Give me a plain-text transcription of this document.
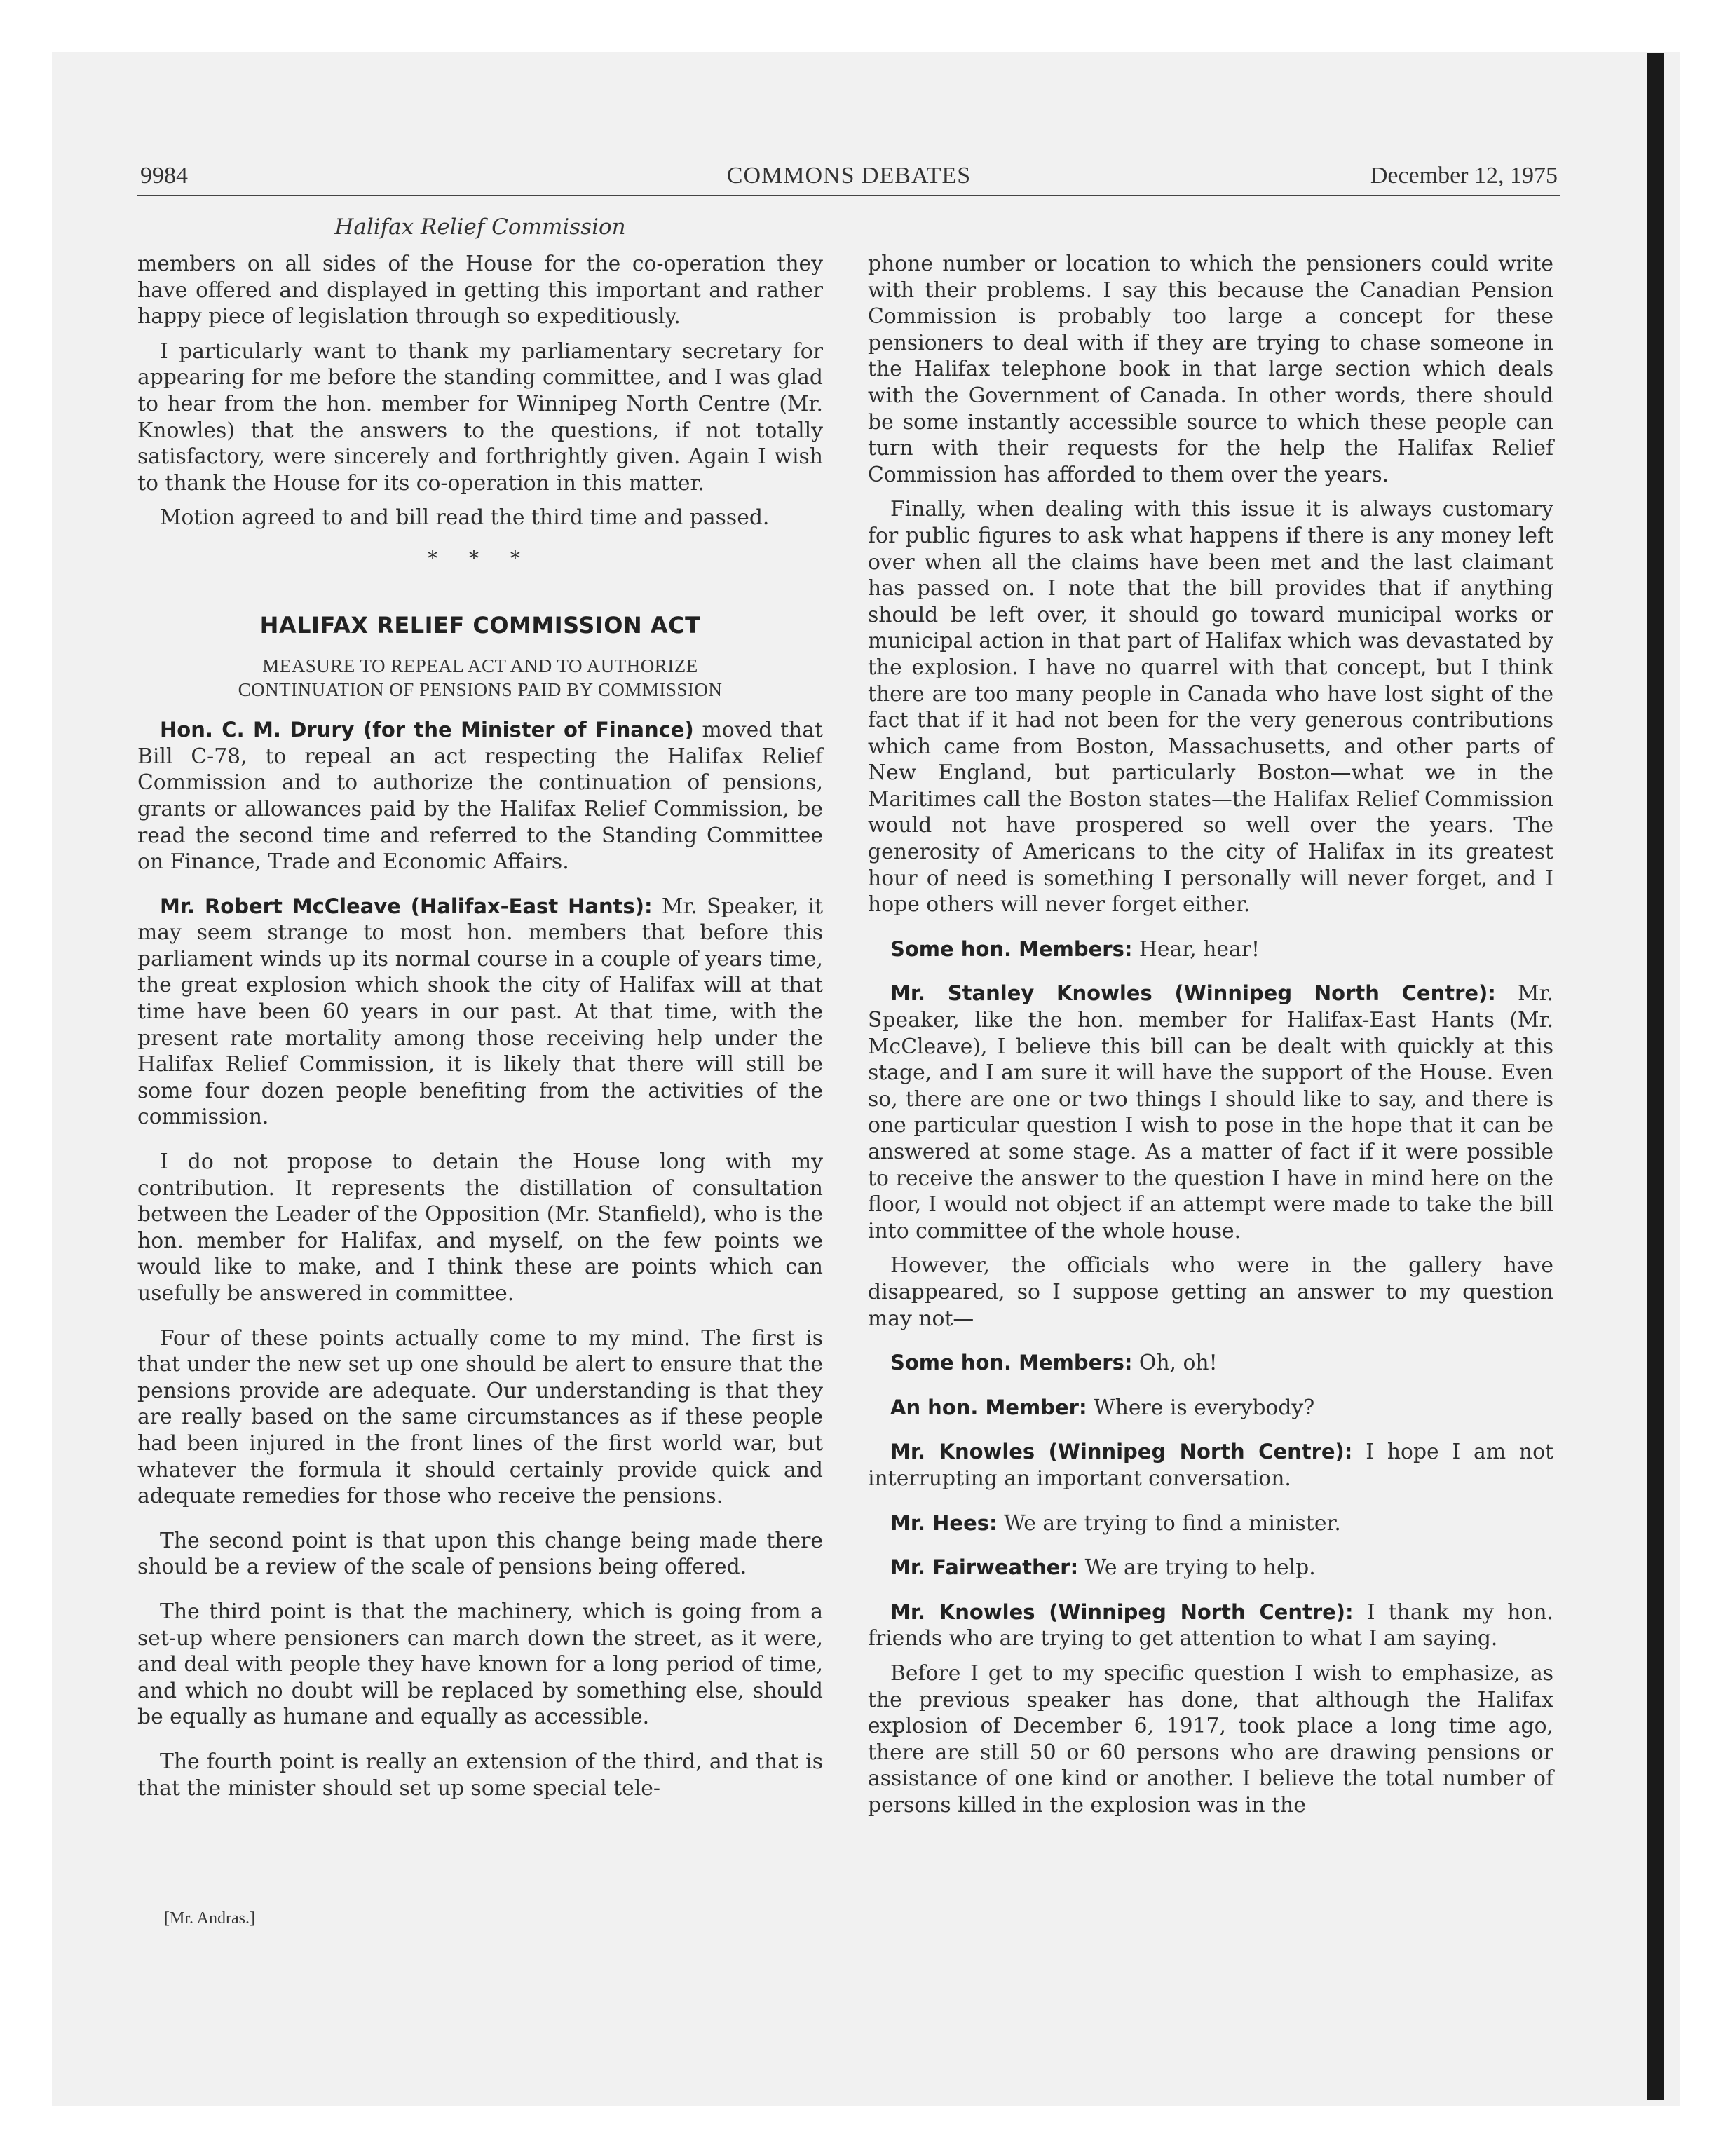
9984	COMMONS DEBATES	December 12, 1975
Halifax Relief Commission

members on all sides of the House for the co-operation they have offered and displayed in getting this important and rather happy piece of legislation through so expeditiously.

I particularly want to thank my parliamentary secretary for appearing for me before the standing committee, and I was glad to hear from the hon. member for Winnipeg North Centre (Mr. Knowles) that the answers to the questions, if not totally satisfactory, were sincerely and forthrightly given. Again I wish to thank the House for its co-operation in this matter.

Motion agreed to and bill read the third time and passed.

* * *
HALIFAX RELIEF COMMISSION ACT
MEASURE TO REPEAL ACT AND TO AUTHORIZE
CONTINUATION OF PENSIONS PAID BY COMMISSION

Hon. C. M. Drury (for the Minister of Finance) moved that Bill C-78, to repeal an act respecting the Halifax Relief Commission and to authorize the continuation of pensions, grants or allowances paid by the Halifax Relief Commission, be read the second time and referred to the Standing Committee on Finance, Trade and Economic Affairs.

Mr. Robert McCleave (Halifax-East Hants): Mr. Speaker, it may seem strange to most hon. members that before this parliament winds up its normal course in a couple of years time, the great explosion which shook the city of Halifax will at that time have been 60 years in our past. At that time, with the present rate mortality among those receiving help under the Halifax Relief Commission, it is likely that there will still be some four dozen people benefiting from the activities of the commission.

I do not propose to detain the House long with my contribution. It represents the distillation of consultation between the Leader of the Opposition (Mr. Stanfield), who is the hon. member for Halifax, and myself, on the few points we would like to make, and I think these are points which can usefully be answered in committee.

Four of these points actually come to my mind. The first is that under the new set up one should be alert to ensure that the pensions provide are adequate. Our understanding is that they are really based on the same circumstances as if these people had been injured in the front lines of the first world war, but whatever the formula it should certainly provide quick and adequate remedies for those who receive the pensions.

The second point is that upon this change being made there should be a review of the scale of pensions being offered.

The third point is that the machinery, which is going from a set-up where pensioners can march down the street, as it were, and deal with people they have known for a long period of time, and which no doubt will be replaced by something else, should be equally as humane and equally as accessible.

The fourth point is really an extension of the third, and that is that the minister should set up some special tele-

[Mr. Andras.]

phone number or location to which the pensioners could write with their problems. I say this because the Canadian Pension Commission is probably too large a concept for these pensioners to deal with if they are trying to chase someone in the Halifax telephone book in that large section which deals with the Government of Canada. In other words, there should be some instantly accessible source to which these people can turn with their requests for the help the Halifax Relief Commission has afforded to them over the years.

Finally, when dealing with this issue it is always customary for public figures to ask what happens if there is any money left over when all the claims have been met and the last claimant has passed on. I note that the bill provides that if anything should be left over, it should go toward municipal works or municipal action in that part of Halifax which was devastated by the explosion. I have no quarrel with that concept, but I think there are too many people in Canada who have lost sight of the fact that if it had not been for the very generous contributions which came from Boston, Massachusetts, and other parts of New England, but particularly Boston—what we in the Maritimes call the Boston states—the Halifax Relief Commission would not have prospered so well over the years. The generosity of Americans to the city of Halifax in its greatest hour of need is something I personally will never forget, and I hope others will never forget either.

Some hon. Members: Hear, hear!

Mr. Stanley Knowles (Winnipeg North Centre): Mr. Speaker, like the hon. member for Halifax-East Hants (Mr. McCleave), I believe this bill can be dealt with quickly at this stage, and I am sure it will have the support of the House. Even so, there are one or two things I should like to say, and there is one particular question I wish to pose in the hope that it can be answered at some stage. As a matter of fact if it were possible to receive the answer to the question I have in mind here on the floor, I would not object if an attempt were made to take the bill into committee of the whole house.

However, the officials who were in the gallery have disappeared, so I suppose getting an answer to my question may not—

Some hon. Members: Oh, oh!

An hon. Member: Where is everybody?

Mr. Knowles (Winnipeg North Centre): I hope I am not interrupting an important conversation.

Mr. Hees: We are trying to find a minister.

Mr. Fairweather: We are trying to help.

Mr. Knowles (Winnipeg North Centre): I thank my hon. friends who are trying to get attention to what I am saying.

Before I get to my specific question I wish to emphasize, as the previous speaker has done, that although the Halifax explosion of December 6, 1917, took place a long time ago, there are still 50 or 60 persons who are drawing pensions or assistance of one kind or another. I believe the total number of persons killed in the explosion was in the
